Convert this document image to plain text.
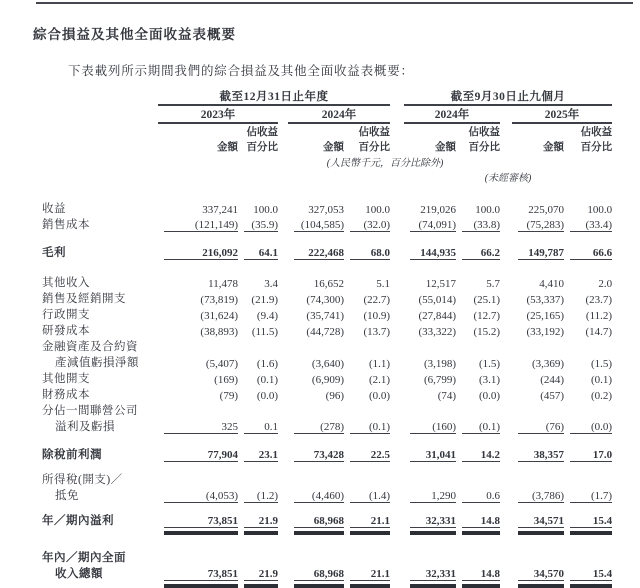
綜合損益及其他全面收益表概要
下表載列所示期間我們的綜合損益及其他全面收益表概要：
	截至12月31日止年度						截至9月30日止九個月				
	2023年			2024年			2024年			2025年	
		佔收益			佔收益			佔收益			佔收益
	金額	百分比		金額	百分比		金額	百分比		金額	百分比
	(人民幣千元，百分比除外)										
							(未經審核)				

收益	337,241	100.0		327,053	100.0		219,026	100.0		225,070	100.0

銷售成本	(121,149)	(35.9)		(104,585)	(32.0)		(74,091)	(33.8)		(75,283)	(33.4)

毛利	216,092	64.1		222,468	68.0		144,935	66.2		149,787	66.6

其他收入	11,478	3.4		16,652	5.1		12,517	5.7		4,410	2.0

銷售及經銷開支	(73,819)	(21.9)		(74,300)	(22.7)		(55,014)	(25.1)		(53,337)	(23.7)

行政開支	(31,624)	(9.4)		(35,741)	(10.9)		(27,844)	(12.7)		(25,165)	(11.2)

研發成本	(38,893)	(11.5)		(44,728)	(13.7)		(33,322)	(15.2)		(33,192)	(14.7)

金融資產及合約資											
產減值虧損淨額	(5,407)	(1.6)		(3,640)	(1.1)		(3,198)	(1.5)		(3,369)	(1.5)

其他開支	(169)	(0.1)		(6,909)	(2.1)		(6,799)	(3.1)		(244)	(0.1)

財務成本	(79)	(0.0)		(96)	(0.0)		(74)	(0.0)		(457)	(0.2)

分佔一間聯營公司											
溢利及虧損	325	0.1		(278)	(0.1)		(160)	(0.1)		(76)	(0.0)

除稅前利潤	77,904	23.1		73,428	22.5		31,041	14.2		38,357	17.0

所得稅(開支)／											
抵免	(4,053)	(1.2)		(4,460)	(1.4)		1,290	0.6		(3,786)	(1.7)

年／期內溢利	73,851	21.9		68,968	21.1		32,331	14.8		34,571	15.4

年內／期內全面											
收入總額	73,851	21.9		68,968	21.1		32,331	14.8		34,570	15.4
